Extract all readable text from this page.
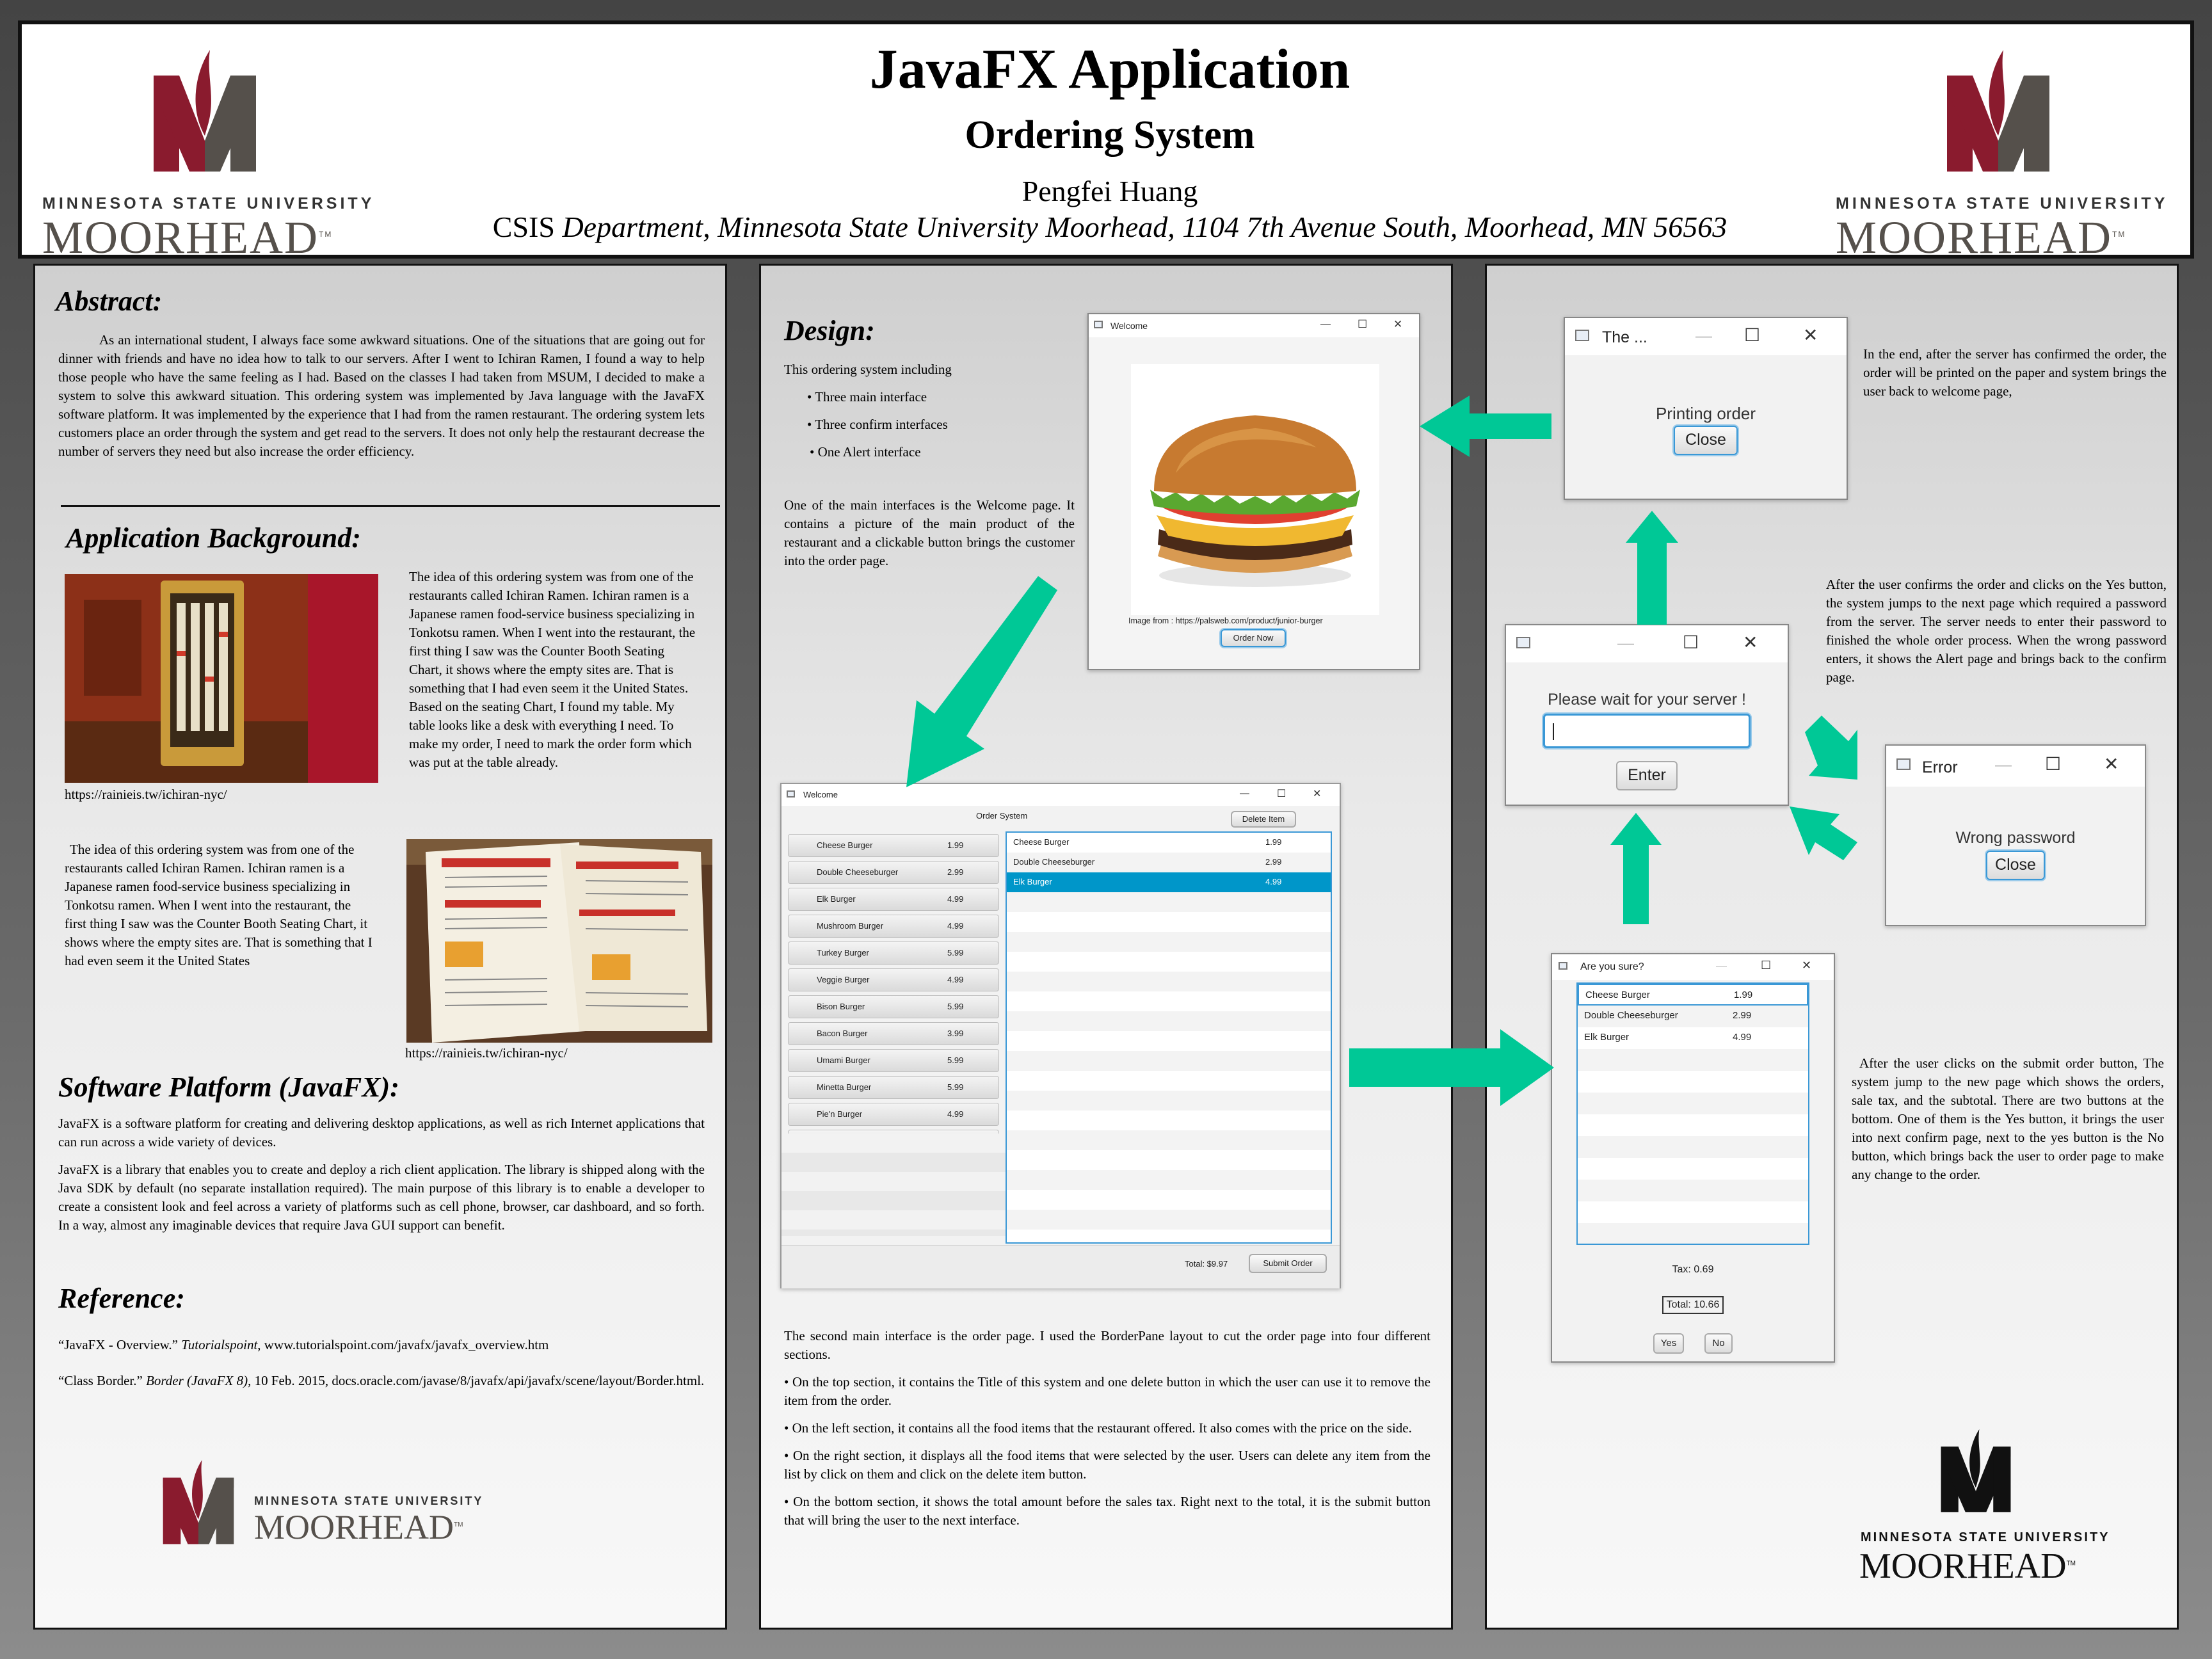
MINNESOTA STATE UNIVERSITY
MOORHEAD™
JavaFX Application
Ordering System
Pengfei Huang
CSIS Department, Minnesota State University Moorhead, 1104 7th Avenue South, Moorhead, MN 56563
MINNESOTA STATE UNIVERSITY
MOORHEAD™
Abstract:

As an international student, I always face some awkward situations. One of the situations that are going out for dinner with friends and have no idea how to talk to our servers. After I went to Ichiran Ramen, I found a way to help those people who have the same feeling as I had. Based on the classes I had taken from MSUM, I decided to make a system to solve this awkward situation. This ordering system was implemented by Java language with the JavaFX software platform. It was implemented by the experience that I had from the ramen restaurant. The ordering system lets customers place an order through the system and get read to the servers. It does not only help the restaurant decrease the number of servers they need but also increase the order efficiency.

Application Background:
https://rainieis.tw/ichiran-nyc/
The idea of this ordering system was from one of the restaurants called Ichiran Ramen. Ichiran ramen is a Japanese ramen food-service business specializing in Tonkotsu ramen. When I went into the restaurant, the first thing I saw was the Counter Booth Seating Chart, it shows where the empty sites are. That is something that I had even seem it the United States. Based on the seating Chart, I found my table. My table looks like a desk with everything I need. To make my order, I need to mark the order form which was put at the table already.
The idea of this ordering system was from one of the restaurants called Ichiran Ramen. Ichiran ramen is a Japanese ramen food-service business specializing in Tonkotsu ramen. When I went into the restaurant, the first thing I saw was the Counter Booth Seating Chart, it shows where the empty sites are. That is something that I had even seem it the United States
https://rainieis.tw/ichiran-nyc/
Software Platform (JavaFX):

JavaFX is a software platform for creating and delivering desktop applications, as well as rich Internet applications that can run across a wide variety of devices.

JavaFX is a library that enables you to create and deploy a rich client application. The library is shipped along with the Java SDK by default (no separate installation required). The main purpose of this library is to enable a developer to create a consistent look and feel across a variety of platforms such as cell phone, browser, car dashboard, and so forth. In a way, almost any imaginable devices that require Java GUI support can benefit.

Reference:
“JavaFX - Overview.” Tutorialspoint, www.tutorialspoint.com/javafx/javafx_overview.htm
“Class Border.” Border (JavaFX 8), 10 Feb. 2015, docs.oracle.com/javase/8/javafx/api/javafx/scene/layout/Border.html.
MINNESOTA STATE UNIVERSITY
MOORHEAD™
Design:
This ordering system including
• Three main interface
• Three confirm interfaces
• One Alert interface
One of the main interfaces is the Welcome page. It contains a picture of the main product of the restaurant and a clickable button brings the customer into the order page.
Welcome	— ☐ ✕
Image from : https://palsweb.com/product/junior-burger
Order Now
Welcome	—	☐	✕
Order System	Delete Item
Cheese Burger	1.99
Double Cheeseburger	2.99
Elk Burger	4.99
Mushroom Burger	4.99
Turkey Burger	5.99
Veggie Burger	4.99
Bison Burger	5.99
Bacon Burger	3.99
Umami Burger	5.99
Minetta Burger	5.99
Pie'n Burger	4.99
Cheese Burger	1.99
Double Cheeseburger	2.99
Elk Burger	4.99
Total: $9.97	Submit Order

The second main interface is the order page. I used the BorderPane layout to cut the order page into four different sections.

• On the top section, it contains the Title of this system and one delete button in which the user can use it to remove the item from the order.

• On the left section, it contains all the food items that the restaurant offered. It also comes with the price on the side.

• On the right section, it displays all the food items that were selected by the user. Users can delete any item from the list by click on them and click on the delete item button.

• On the bottom section, it shows the total amount before the sales tax. Right next to the total, it is the submit button that will bring the user to the next interface.

The ...	— ☐ ✕
Printing order
Close
In the end, after the server has confirmed the order, the order will be printed on the paper and system brings the user back to welcome page,
—	☐ ✕
Please wait for your server !
Enter
After the user confirms the order and clicks on the Yes button, the system jumps to the next page which required a password from the server. The server needs to enter their password to finished the whole order process. When the wrong password enters, it shows the Alert page and brings back to the confirm page.
Error — ☐ ✕
Wrong password
Close
Are you sure?	—	☐	✕
Cheese Burger	1.99
Double Cheeseburger	2.99
Elk Burger	4.99
Tax: 0.69
Total: 10.66
Yes	No
After the user clicks on the submit order button, The system jump to the new page which shows the orders, sale tax, and the subtotal. There are two buttons at the bottom. One of them is the Yes button, it brings the user into next confirm page, next to the yes button is the No button, which brings back the user to order page to make any change to the order.
MINNESOTA STATE UNIVERSITY
MOORHEAD™
